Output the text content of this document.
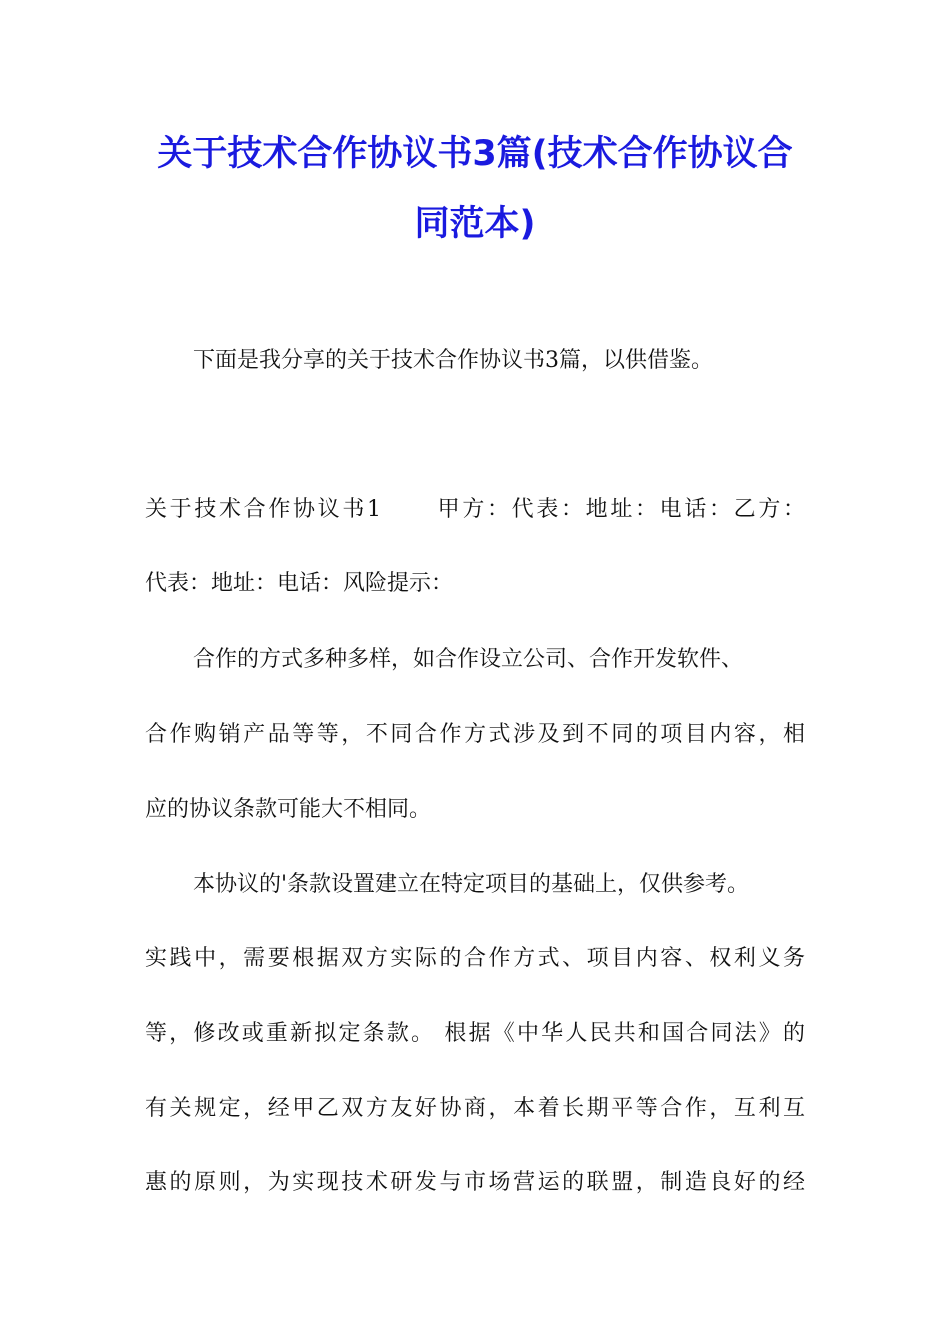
关于技术合作协议书3篇(技术合作协议合
同范本)
下面是我分享的关于技术合作协议书3篇，以供借鉴。
关于技术合作协议书1 甲方：代表：地址：电话：乙方：
代表：地址：电话：风险提示：
合作的方式多种多样，如合作设立公司、合作开发软件、
合作购销产品等等，不同合作方式涉及到不同的项目内容，相
应的协议条款可能大不相同。
本协议的'条款设置建立在特定项目的基础上，仅供参考。
实践中，需要根据双方实际的合作方式、项目内容、权利义务
等，修改或重新拟定条款。 根据《中华人民共和国合同法》的
有关规定，经甲乙双方友好协商，本着长期平等合作，互利互
惠的原则，为实现技术研发与市场营运的联盟，制造良好的经
